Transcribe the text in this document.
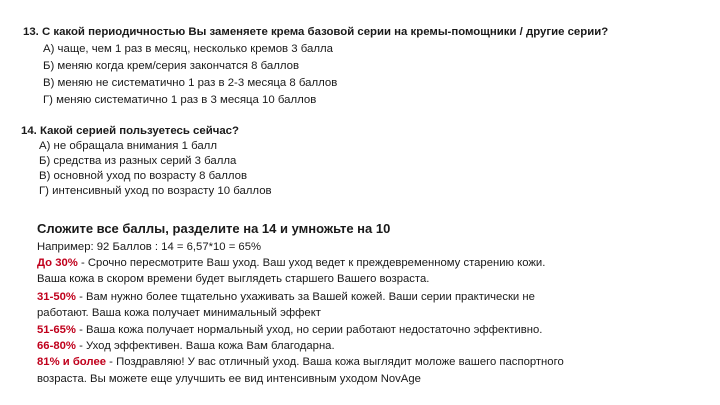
13. С какой периодичностью Вы заменяете крема базовой серии на кремы-помощники / другие серии?
А) чаще, чем 1 раз в месяц, несколько кремов 3 балла
Б) меняю когда крем/серия закончатся 8 баллов
В) меняю не систематично 1 раз в 2-3 месяца 8 баллов
Г) меняю систематично 1 раз в 3 месяца 10 баллов
14. Какой серией пользуетесь сейчас?
А) не обращала внимания 1 балл
Б) средства из разных серий 3 балла
В) основной уход по возрасту 8 баллов
Г) интенсивный уход по возрасту 10 баллов
Сложите все баллы, разделите на 14 и умножьте на 10
Например: 92 Баллов : 14 = 6,57*10 = 65%
До 30% - Срочно пересмотрите Ваш уход. Ваш уход ведет к преждевременному старению кожи.
Ваша кожа в скором времени будет выглядеть старшего Вашего возраста.
31-50% - Вам нужно более тщательно ухаживать за Вашей кожей. Ваши серии практически не
работают. Ваша кожа получает минимальный эффект
51-65% - Ваша кожа получает нормальный уход, но серии работают недостаточно эффективно.
66-80% - Уход эффективен. Ваша кожа Вам благодарна.
81% и более - Поздравляю! У вас отличный уход. Ваша кожа выглядит моложе вашего паспортного
возраста. Вы можете еще улучшить ее вид интенсивным уходом NovAge
